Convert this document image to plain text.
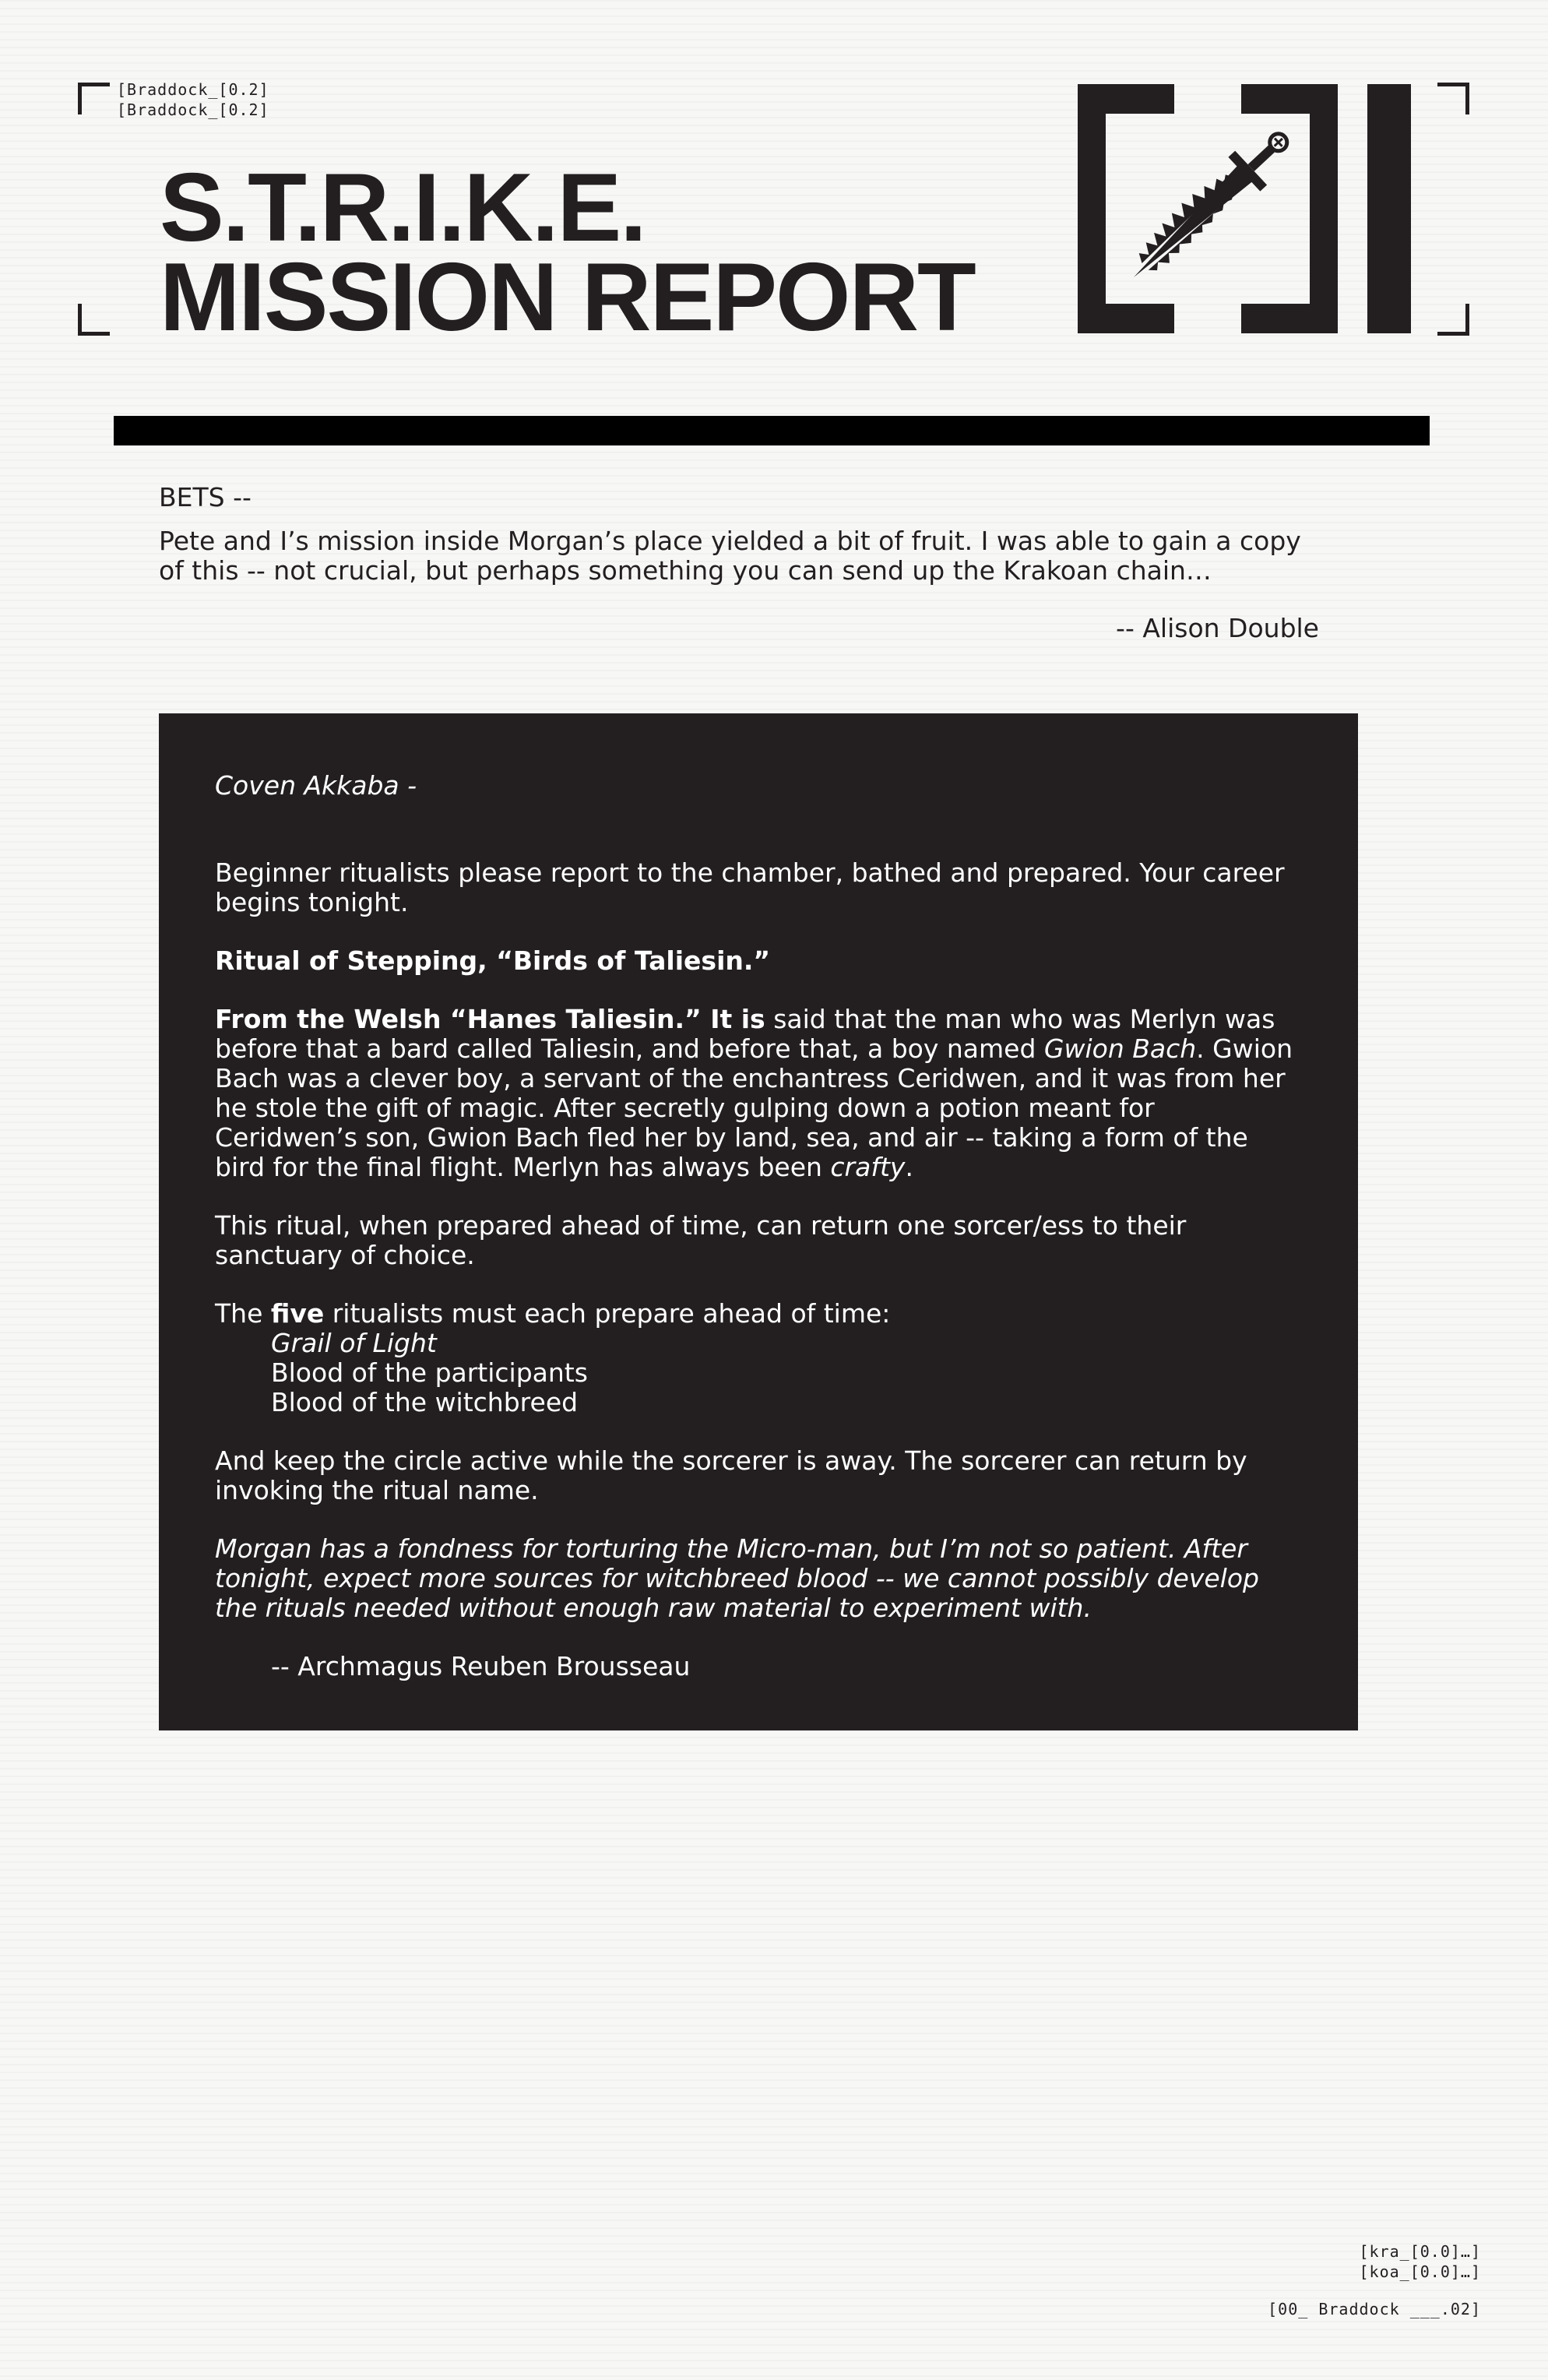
[Braddock_[0.2]
[Braddock_[0.2]
S.T.R.I.K.E.
MISSION REPORT

BETS --

Pete and I’s mission inside Morgan’s place yielded a bit of fruit. I was able to gain a copy of this -- not crucial, but perhaps something you can send up the Krakoan chain…

-- Alison Double

Coven Akkaba -

Beginner ritualists please report to the chamber, bathed and prepared. Your career begins tonight.

Ritual of Stepping, “Birds of Taliesin.”

From the Welsh “Hanes Taliesin.” It is said that the man who was Merlyn was before that a bard called Taliesin, and before that, a boy named Gwion Bach. Gwion Bach was a clever boy, a servant of the enchantress Ceridwen, and it was from her he stole the gift of magic. After secretly gulping down a potion meant for Ceridwen’s son, Gwion Bach fled her by land, sea, and air -- taking a form of the bird for the final flight. Merlyn has always been crafty.

This ritual, when prepared ahead of time, can return one sorcer/ess to their sanctuary of choice.

The five ritualists must each prepare ahead of time:
Grail of Light
Blood of the participants
Blood of the witchbreed

And keep the circle active while the sorcerer is away. The sorcerer can return by invoking the ritual name.

Morgan has a fondness for torturing the Micro-man, but I’m not so patient. After tonight, expect more sources for witchbreed blood -- we cannot possibly develop the rituals needed without enough raw material to experiment with.

-- Archmagus Reuben Brousseau

[kra_[0.0]…]
[koa_[0.0]…]
[00_ Braddock ___.02]
